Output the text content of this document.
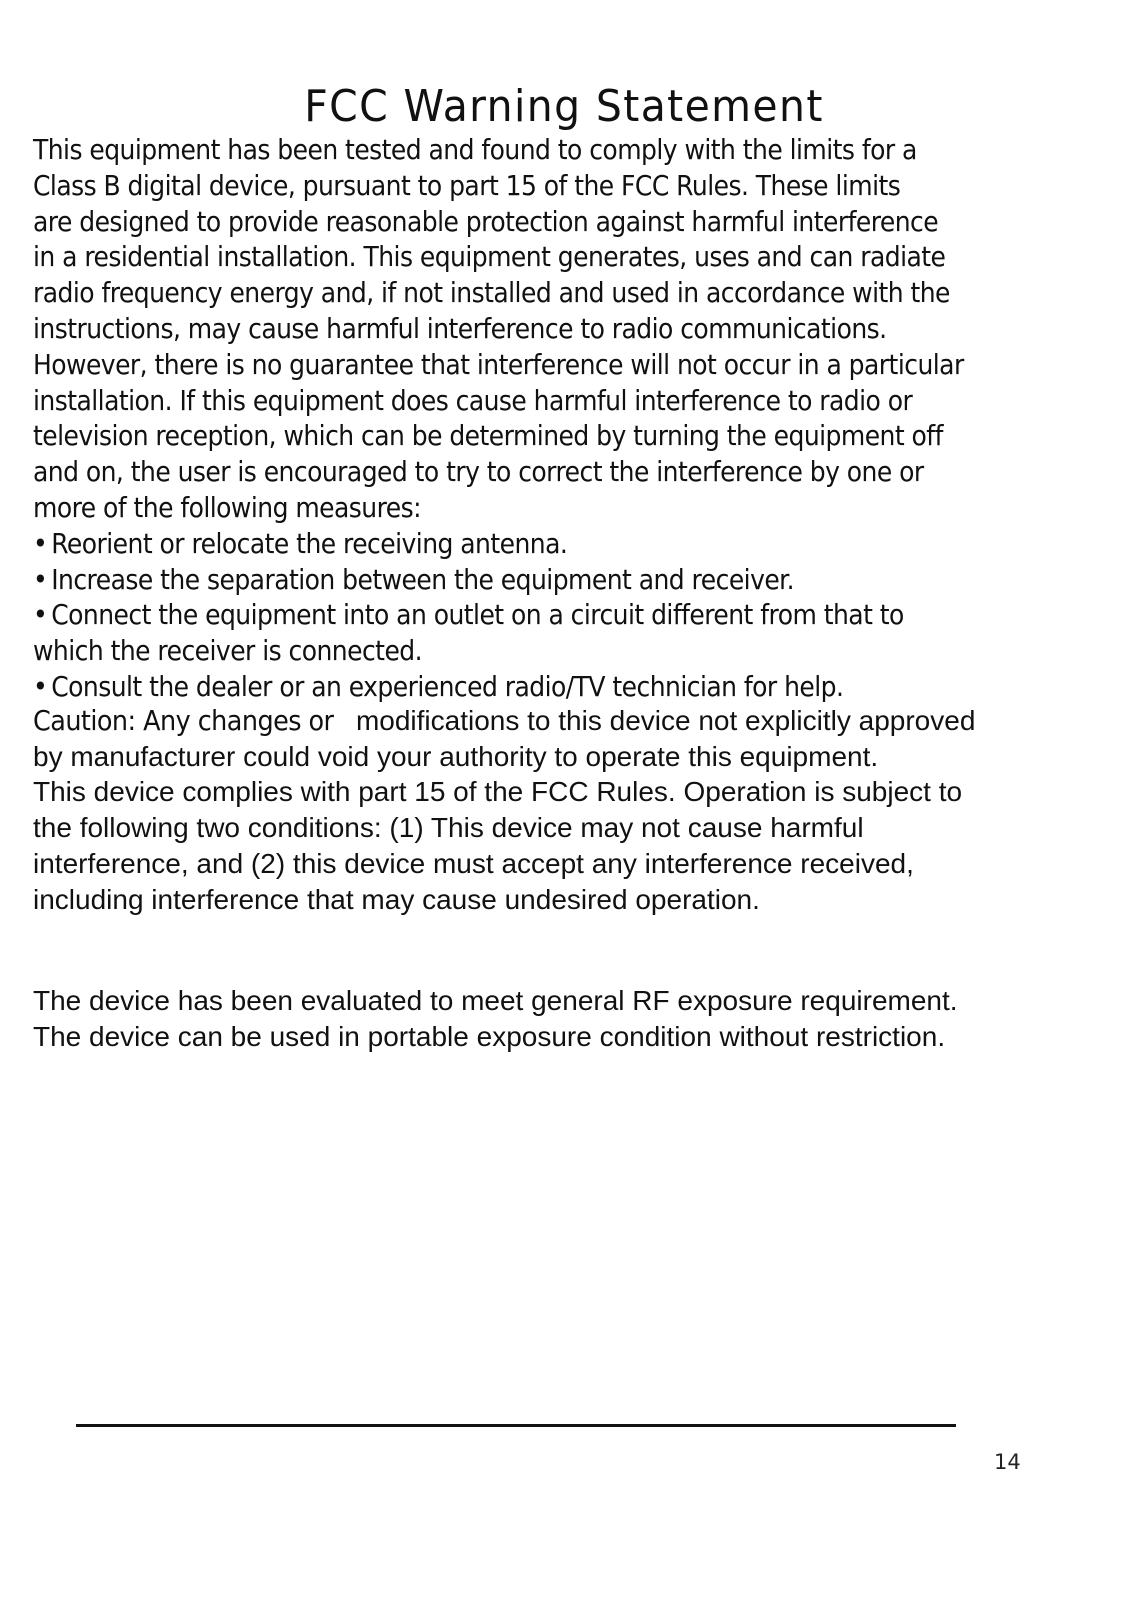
FCC Warning Statement
This equipment has been tested and found to comply with the limits for a
Class B digital device, pursuant to part 15 of the FCC Rules. These limits
are designed to provide reasonable protection against harmful interference
in a residential installation. This equipment generates, uses and can radiate
radio frequency energy and, if not installed and used in accordance with the
instructions, may cause harmful interference to radio communications.
However, there is no guarantee that interference will not occur in a particular
installation. If this equipment does cause harmful interference to radio or
television reception, which can be determined by turning the equipment off
and on, the user is encouraged to try to correct the interference by one or
more of the following measures:
• Reorient or relocate the receiving antenna.
• Increase the separation between the equipment and receiver.
• Connect the equipment into an outlet on a circuit different from that to
which the receiver is connected.
• Consult the dealer or an experienced radio/TV technician for help.
Caution: Any changes or modifications to this device not explicitly approved
by manufacturer could void your authority to operate this equipment.
This device complies with part 15 of the FCC Rules. Operation is subject to
the following two conditions: (1) This device may not cause harmful
interference, and (2) this device must accept any interference received,
including interference that may cause undesired operation.
The device has been evaluated to meet general RF exposure requirement.
The device can be used in portable exposure condition without restriction.
14
